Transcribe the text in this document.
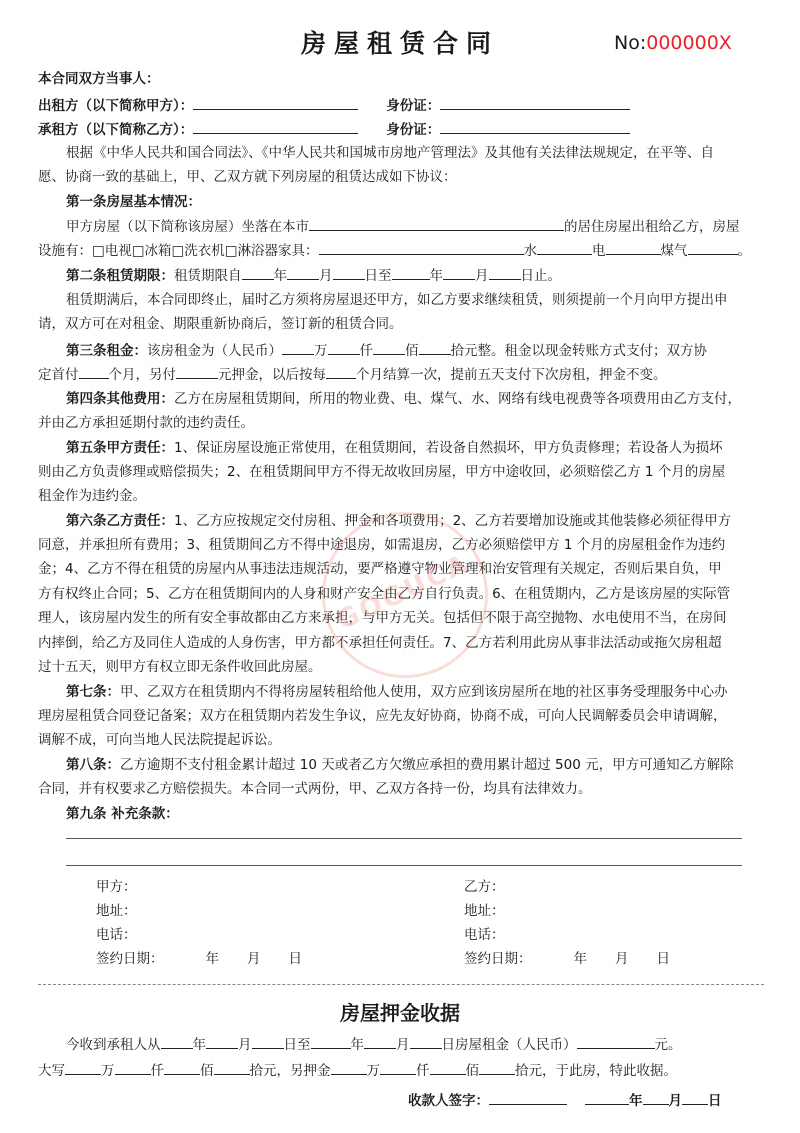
房屋租赁合同	No:000000X
本合同双方当事人：
出租方（以下简称甲方）：	身份证：
承租方（以下简称乙方）：	身份证：
根据《中华人民共和国合同法》、《中华人民共和国城市房地产管理法》及其他有关法律法规规定，在平等、自
愿、协商一致的基础上，甲、乙双方就下列房屋的租赁达成如下协议：
第一条房屋基本情况：
甲方房屋（以下简称该房屋）坐落在本市	的居住房屋出租给乙方，房屋
设施有：□电视□冰箱□洗衣机□淋浴器家具：	水	电	煤气	。
第二条租赁期限：租赁期限自 年 月 日至	年 月 日止。
租赁期满后，本合同即终止，届时乙方须将房屋退还甲方，如乙方要求继续租赁，则须提前一个月向甲方提出申
请，双方可在对租金、期限重新协商后，签订新的租赁合同。
第三条租金：该房租金为（人民币） 万 仟 佰 拾元整。租金以现金转账方式支付；双方协
定首付 个月，另付	元押金，以后按每 个月结算一次，提前五天支付下次房租，押金不变。
第四条其他费用：乙方在房屋租赁期间，所用的物业费、电、煤气、水、网络有线电视费等各项费用由乙方支付，
并由乙方承担延期付款的违约责任。
第五条甲方责任：1、保证房屋设施正常使用，在租赁期间，若设备自然损坏，甲方负责修理；若设备人为损坏
则由乙方负责修理或赔偿损失；2、在租赁期间甲方不得无故收回房屋，甲方中途收回，必须赔偿乙方 1 个月的房屋
租金作为违约金。
第六条乙方责任：1、乙方应按规定交付房租、押金和各项费用；2、乙方若要增加设施或其他装修必须征得甲方
同意，并承担所有费用；3、租赁期间乙方不得中途退房，如需退房，乙方必须赔偿甲方 1 个月的房屋租金作为违约
金；4、乙方不得在租赁的房屋内从事违法违规活动，要严格遵守物业管理和治安管理有关规定，否则后果自负，甲
方有权终止合同；5、乙方在租赁期间内的人身和财产安全由乙方自行负责。6、在租赁期内，乙方是该房屋的实际管
理人，该房屋内发生的所有安全事故都由乙方来承担，与甲方无关。包括但不限于高空抛物、水电使用不当，在房间
内摔倒，给乙方及同住人造成的人身伤害，甲方都不承担任何责任。7、乙方若利用此房从事非法活动或拖欠房租超
过十五天，则甲方有权立即无条件收回此房屋。
第七条：甲、乙双方在租赁期内不得将房屋转租给他人使用，双方应到该房屋所在地的社区事务受理服务中心办
理房屋租赁合同登记备案；双方在租赁期内若发生争议，应先友好协商，协商不成，可向人民调解委员会申请调解，
调解不成，可向当地人民法院提起诉讼。
第八条：乙方逾期不支付租金累计超过 10 天或者乙方欠缴应承担的费用累计超过 500 元，甲方可通知乙方解除
合同，并有权要求乙方赔偿损失。本合同一式两份，甲、乙双方各持一份，均具有法律效力。
第九条 补充条款：
甲方：	乙方：
地址：	地址：
电话：	电话：
签约日期：	年 月 日	签约日期：	年 月 日
房屋押金收据
今收到承租人从 年 月 日至	年 月 日房屋租金（人民币）	元。
大写	万	仟	佰	拾元，另押金	万	仟	佰	拾元，于此房，特此收据。
收款人签字：	年 月 日
GOGUCA
